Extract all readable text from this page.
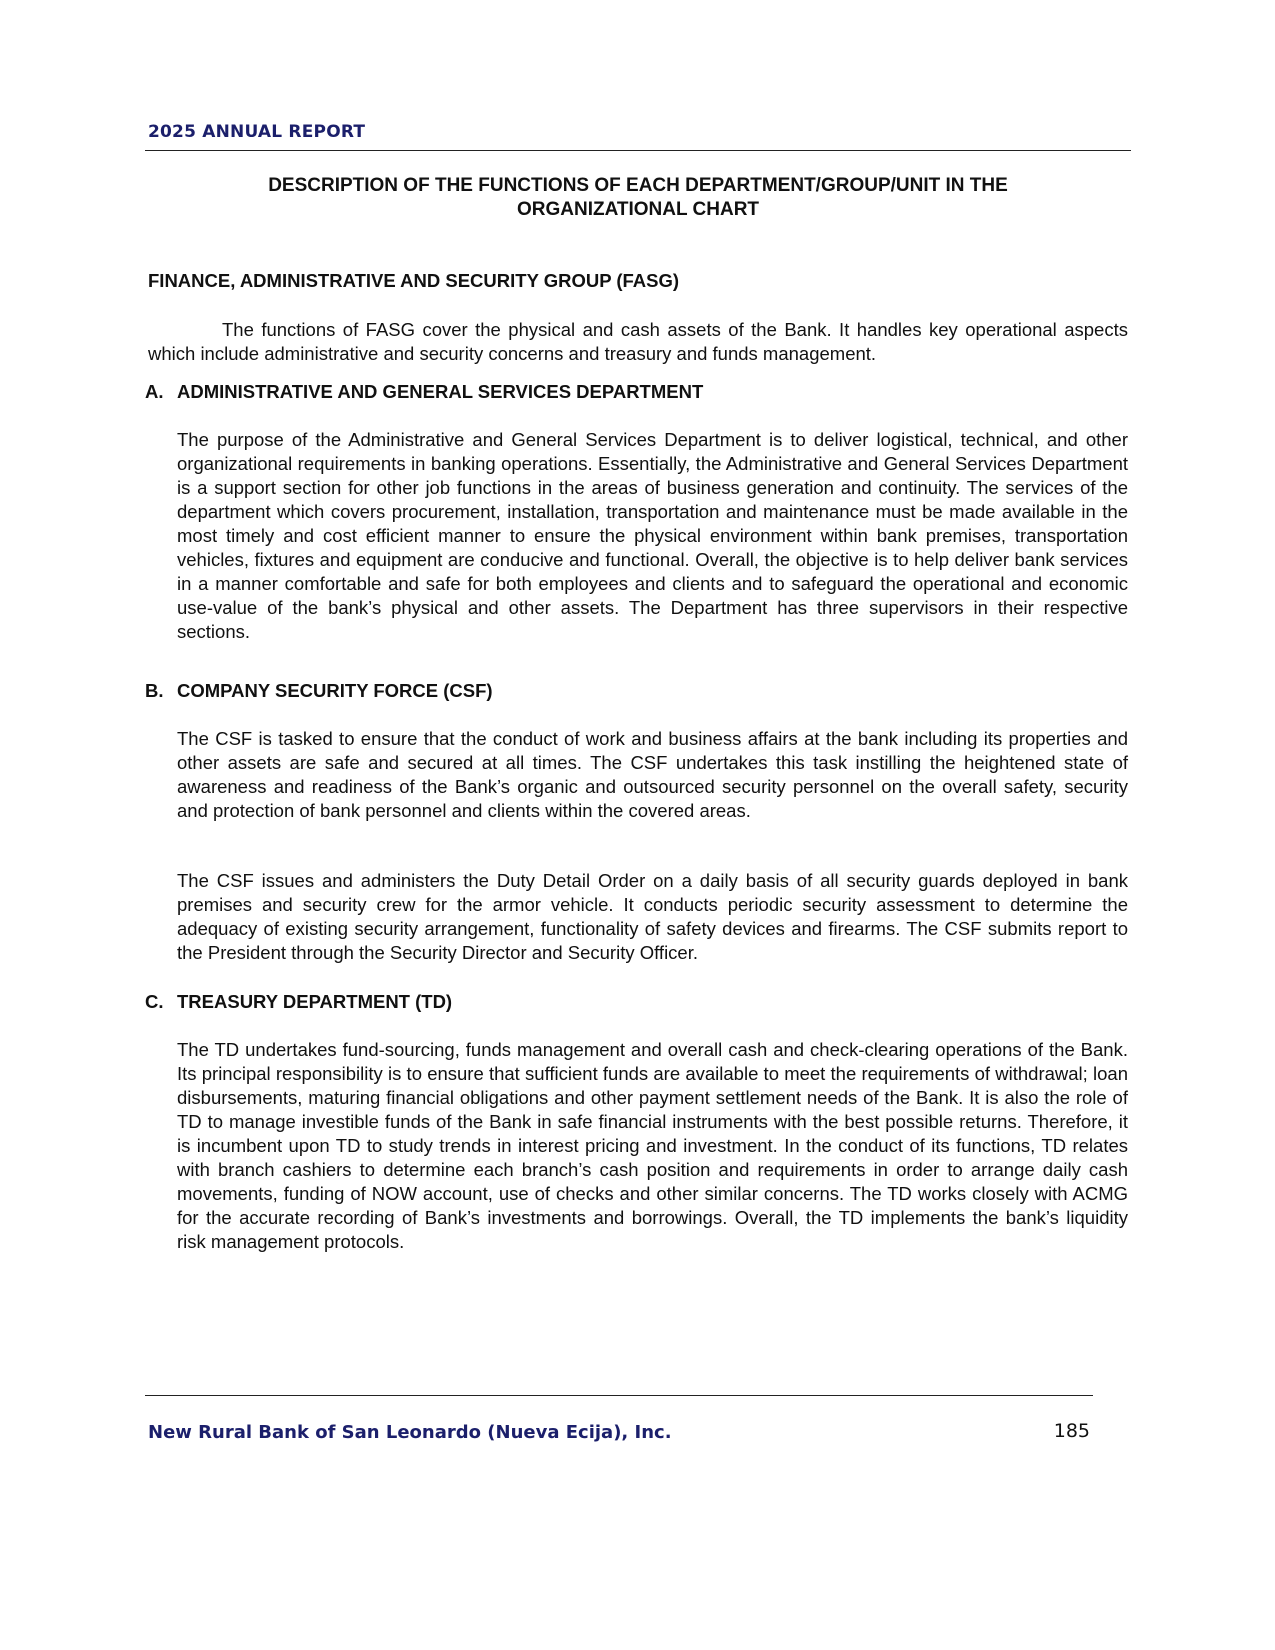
2025 ANNUAL REPORT
DESCRIPTION OF THE FUNCTIONS OF EACH DEPARTMENT/GROUP/UNIT IN THE
ORGANIZATIONAL CHART
FINANCE, ADMINISTRATIVE AND SECURITY GROUP (FASG)

The functions of FASG cover the physical and cash assets of the Bank. It handles key operational aspects which include administrative and security concerns and treasury and funds management.

A. ADMINISTRATIVE AND GENERAL SERVICES DEPARTMENT

The purpose of the Administrative and General Services Department is to deliver logistical, technical, and other organizational requirements in banking operations. Essentially, the Administrative and General Services Department is a support section for other job functions in the areas of business generation and continuity. The services of the department which covers procurement, installation, transportation and maintenance must be made available in the most timely and cost efficient manner to ensure the physical environment within bank premises, transportation vehicles, fixtures and equipment are conducive and functional. Overall, the objective is to help deliver bank services in a manner comfortable and safe for both employees and clients and to safeguard the operational and economic use-value of the bank’s physical and other assets. The Department has three supervisors in their respective sections.

B. COMPANY SECURITY FORCE (CSF)

The CSF is tasked to ensure that the conduct of work and business affairs at the bank including its properties and other assets are safe and secured at all times. The CSF undertakes this task instilling the heightened state of awareness and readiness of the Bank’s organic and outsourced security personnel on the overall safety, security and protection of bank personnel and clients within the covered areas.

The CSF issues and administers the Duty Detail Order on a daily basis of all security guards deployed in bank premises and security crew for the armor vehicle. It conducts periodic security assessment to determine the adequacy of existing security arrangement, functionality of safety devices and firearms. The CSF submits report to the President through the Security Director and Security Officer.

C. TREASURY DEPARTMENT (TD)

The TD undertakes fund-sourcing, funds management and overall cash and check-clearing operations of the Bank. Its principal responsibility is to ensure that sufficient funds are available to meet the requirements of withdrawal; loan disbursements, maturing financial obligations and other payment settlement needs of the Bank. It is also the role of TD to manage investible funds of the Bank in safe financial instruments with the best possible returns. Therefore, it is incumbent upon TD to study trends in interest pricing and investment. In the conduct of its functions, TD relates with branch cashiers to determine each branch’s cash position and requirements in order to arrange daily cash movements, funding of NOW account, use of checks and other similar concerns. The TD works closely with ACMG for the accurate recording of Bank’s investments and borrowings. Overall, the TD implements the bank’s liquidity risk management protocols.

New Rural Bank of San Leonardo (Nueva Ecija), Inc.	185
